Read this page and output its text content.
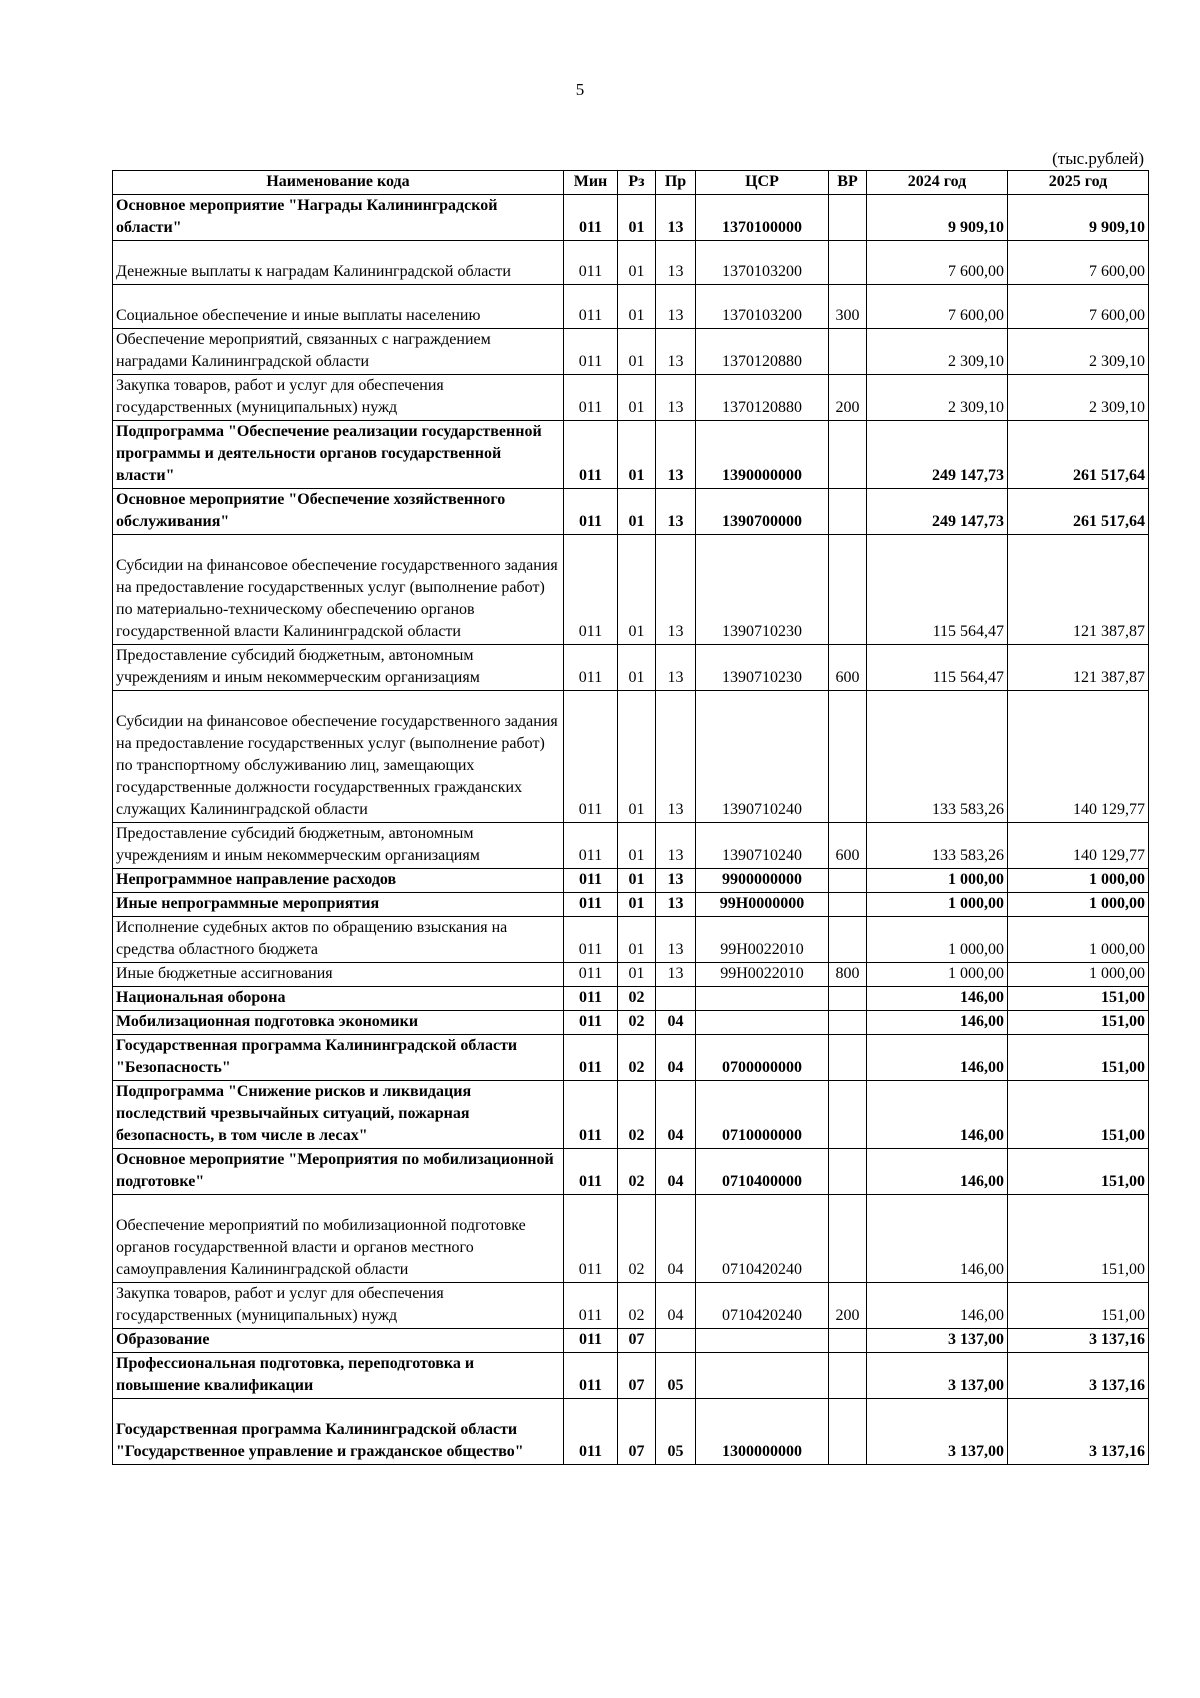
5
(тыс.рублей)
Наименование кода	Мин	Рз	Пр	ЦСР	ВР	2024 год	2025 год
Основное мероприятие "Награды Калининградской области"	011	01	13	1370100000		9 909,10	9 909,10
Денежные выплаты к наградам Калининградской области	011	01	13	1370103200		7 600,00	7 600,00
Социальное обеспечение и иные выплаты населению	011	01	13	1370103200	300	7 600,00	7 600,00
Обеспечение мероприятий, связанных с награждением наградами Калининградской области	011	01	13	1370120880		2 309,10	2 309,10
Закупка товаров, работ и услуг для обеспечения государственных (муниципальных) нужд	011	01	13	1370120880	200	2 309,10	2 309,10
Подпрограмма "Обеспечение реализации государственной программы и деятельности органов государственной власти"	011	01	13	1390000000		249 147,73	261 517,64
Основное мероприятие "Обеспечение хозяйственного обслуживания"	011	01	13	1390700000		249 147,73	261 517,64
Субсидии на финансовое обеспечение государственного задания на предоставление государственных услуг (выполнение работ) по материально-техническому обеспечению органов государственной власти Калининградской области	011	01	13	1390710230		115 564,47	121 387,87
Предоставление субсидий бюджетным, автономным учреждениям и иным некоммерческим организациям	011	01	13	1390710230	600	115 564,47	121 387,87
Субсидии на финансовое обеспечение государственного задания на предоставление государственных услуг (выполнение работ) по транспортному обслуживанию лиц, замещающих государственные должности государственных гражданских служащих Калининградской области	011	01	13	1390710240		133 583,26	140 129,77
Предоставление субсидий бюджетным, автономным учреждениям и иным некоммерческим организациям	011	01	13	1390710240	600	133 583,26	140 129,77
Непрограммное направление расходов	011	01	13	9900000000		1 000,00	1 000,00
Иные непрограммные мероприятия	011	01	13	99Н0000000		1 000,00	1 000,00
Исполнение судебных актов по обращению взыскания на средства областного бюджета	011	01	13	99Н0022010		1 000,00	1 000,00
Иные бюджетные ассигнования	011	01	13	99Н0022010	800	1 000,00	1 000,00
Национальная оборона	011	02				146,00	151,00
Мобилизационная подготовка экономики	011	02	04			146,00	151,00
Государственная программа Калининградской области "Безопасность"	011	02	04	0700000000		146,00	151,00
Подпрограмма "Снижение рисков и ликвидация последствий чрезвычайных ситуаций, пожарная безопасность, в том числе в лесах"	011	02	04	0710000000		146,00	151,00
Основное мероприятие "Мероприятия по мобилизационной подготовке"	011	02	04	0710400000		146,00	151,00
Обеспечение мероприятий по мобилизационной подготовке органов государственной власти и органов местного самоуправления Калининградской области	011	02	04	0710420240		146,00	151,00
Закупка товаров, работ и услуг для обеспечения государственных (муниципальных) нужд	011	02	04	0710420240	200	146,00	151,00
Образование	011	07				3 137,00	3 137,16
Профессиональная подготовка, переподготовка и повышение квалификации	011	07	05			3 137,00	3 137,16
Государственная программа Калининградской области "Государственное управление и гражданское общество"	011	07	05	1300000000		3 137,00	3 137,16
